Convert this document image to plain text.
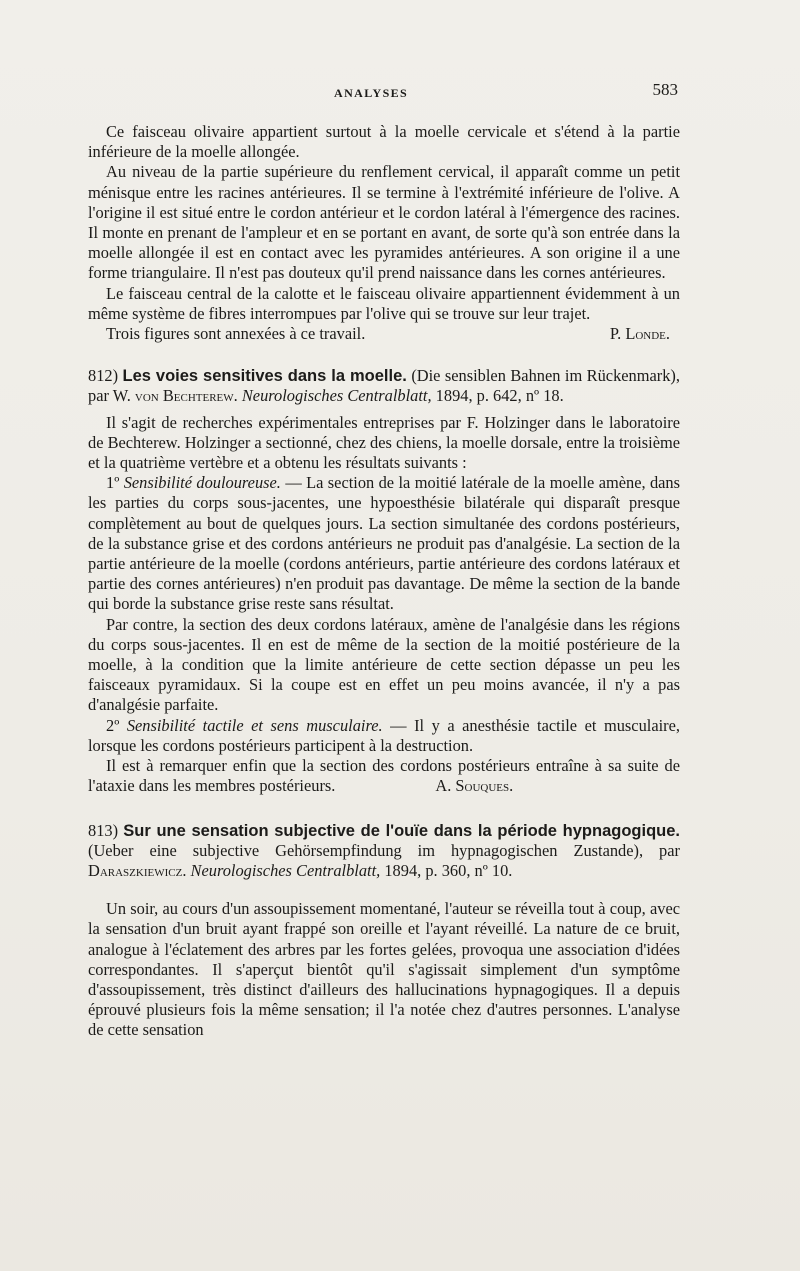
ANALYSES	583

Ce faisceau olivaire appartient surtout à la moelle cervicale et s'étend à la partie inférieure de la moelle allongée.

Au niveau de la partie supérieure du renflement cervical, il apparaît comme un petit ménisque entre les racines antérieures. Il se termine à l'extrémité inférieure de l'olive. A l'origine il est situé entre le cordon antérieur et le cordon latéral à l'émergence des racines. Il monte en prenant de l'ampleur et en se portant en avant, de sorte qu'à son entrée dans la moelle allongée il est en contact avec les pyramides antérieures. A son origine il a une forme triangulaire. Il n'est pas douteux qu'il prend naissance dans les cornes antérieures.

Le faisceau central de la calotte et le faisceau olivaire appartiennent évidemment à un même système de fibres interrompues par l'olive qui se trouve sur leur trajet.

Trois figures sont annexées à ce travail.	P. Londe.

812) Les voies sensitives dans la moelle. (Die sensiblen Bahnen im Rückenmark), par W. von Bechterew. Neurologisches Centralblatt, 1894, p. 642, nº 18.

Il s'agit de recherches expérimentales entreprises par F. Holzinger dans le laboratoire de Bechterew. Holzinger a sectionné, chez des chiens, la moelle dorsale, entre la troisième et la quatrième vertèbre et a obtenu les résultats suivants :

1º Sensibilité douloureuse. — La section de la moitié latérale de la moelle amène, dans les parties du corps sous-jacentes, une hypoesthésie bilatérale qui disparaît presque complètement au bout de quelques jours. La section simultanée des cordons postérieurs, de la substance grise et des cordons antérieurs ne produit pas d'analgésie. La section de la partie antérieure de la moelle (cordons antérieurs, partie antérieure des cordons latéraux et partie des cornes antérieures) n'en produit pas davantage. De même la section de la bande qui borde la substance grise reste sans résultat.

Par contre, la section des deux cordons latéraux, amène de l'analgésie dans les régions du corps sous-jacentes. Il en est de même de la section de la moitié postérieure de la moelle, à la condition que la limite antérieure de cette section dépasse un peu les faisceaux pyramidaux. Si la coupe est en effet un peu moins avancée, il n'y a pas d'analgésie parfaite.

2º Sensibilité tactile et sens musculaire. — Il y a anesthésie tactile et musculaire, lorsque les cordons postérieurs participent à la destruction.

Il est à remarquer enfin que la section des cordons postérieurs entraîne à sa suite de l'ataxie dans les membres postérieurs.	A. Souques.

813) Sur une sensation subjective de l'ouïe dans la période hypnagogique. (Ueber eine subjective Gehörsempfindung im hypnagogischen Zustande), par Daraszkiewicz. Neurologisches Centralblatt, 1894, p. 360, nº 10.

Un soir, au cours d'un assoupissement momentané, l'auteur se réveilla tout à coup, avec la sensation d'un bruit ayant frappé son oreille et l'ayant réveillé. La nature de ce bruit, analogue à l'éclatement des arbres par les fortes gelées, provoqua une association d'idées correspondantes. Il s'aperçut bientôt qu'il s'agissait simplement d'un symptôme d'assoupissement, très distinct d'ailleurs des hallucinations hypnagogiques. Il a depuis éprouvé plusieurs fois la même sensation; il l'a notée chez d'autres personnes. L'analyse de cette sensation
